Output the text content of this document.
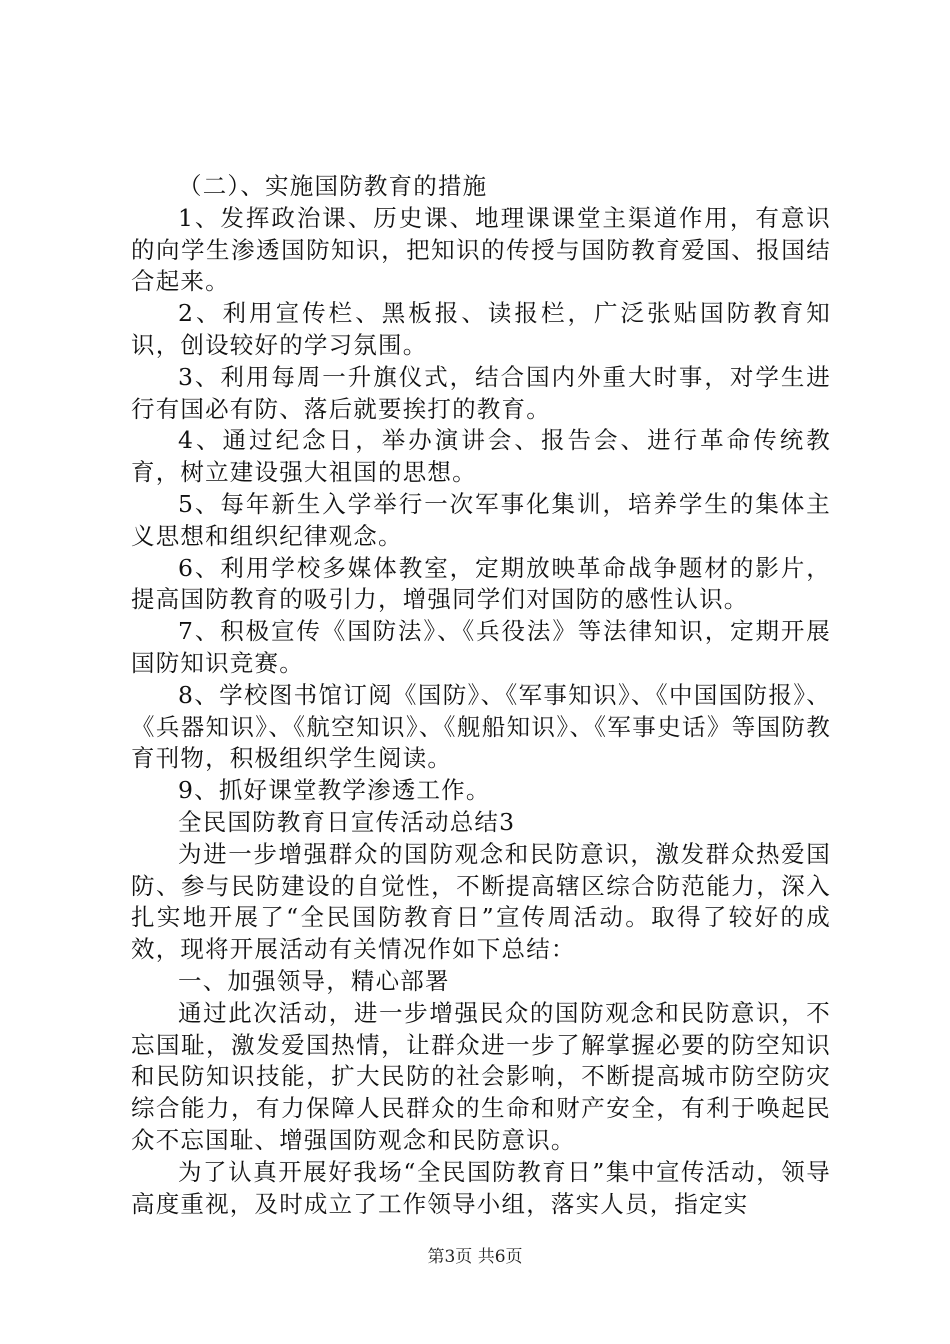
（二）、实施国防教育的措施

1、发挥政治课、历史课、地理课课堂主渠道作用，有意识的向学生渗透国防知识，把知识的传授与国防教育爱国、报国结合起来。

2、利用宣传栏、黑板报、读报栏，广泛张贴国防教育知识，创设较好的学习氛围。

3、利用每周一升旗仪式，结合国内外重大时事，对学生进行有国必有防、落后就要挨打的教育。

4、通过纪念日，举办演讲会、报告会、进行革命传统教育，树立建设强大祖国的思想。

5、每年新生入学举行一次军事化集训，培养学生的集体主义思想和组织纪律观念。

6、利用学校多媒体教室，定期放映革命战争题材的影片，提高国防教育的吸引力，增强同学们对国防的感性认识。

7、积极宣传《国防法》、《兵役法》等法律知识，定期开展国防知识竞赛。

8、学校图书馆订阅《国防》、《军事知识》、《中国国防报》、《兵器知识》、《航空知识》、《舰船知识》、《军事史话》等国防教育刊物，积极组织学生阅读。

9、抓好课堂教学渗透工作。

全民国防教育日宣传活动总结3

为进一步增强群众的国防观念和民防意识，激发群众热爱国防、参与民防建设的自觉性，不断提高辖区综合防范能力，深入扎实地开展了“全民国防教育日”宣传周活动。取得了较好的成效，现将开展活动有关情况作如下总结：

一、加强领导，精心部署

通过此次活动，进一步增强民众的国防观念和民防意识，不忘国耻，激发爱国热情，让群众进一步了解掌握必要的防空知识和民防知识技能，扩大民防的社会影响，不断提高城市防空防灾综合能力，有力保障人民群众的生命和财产安全，有利于唤起民众不忘国耻、增强国防观念和民防意识。

为了认真开展好我场“全民国防教育日”集中宣传活动，领导高度重视，及时成立了工作领导小组，落实人员，指定实

第3页 共6页
